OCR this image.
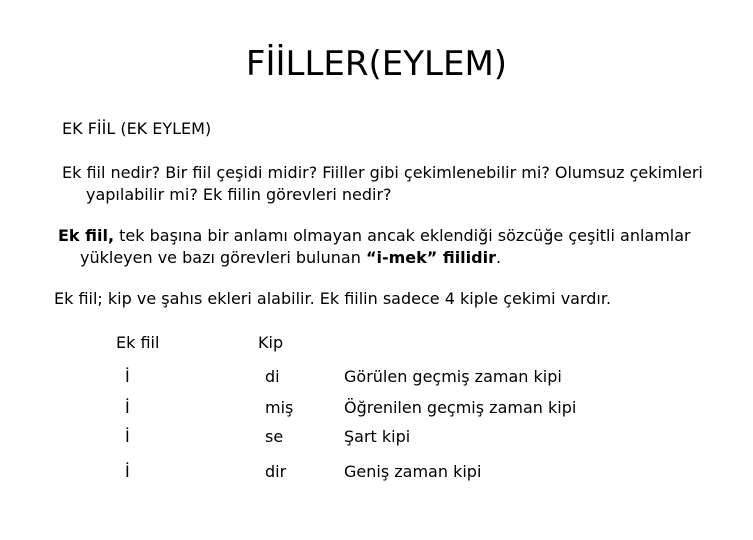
FİİLLER(EYLEM)
EK FİİL (EK EYLEM)
Ek fiil nedir? Bir fiil çeşidi midir? Fiiller gibi çekimlenebilir mi? Olumsuz çekimleri
yapılabilir mi? Ek fiilin görevleri nedir?
Ek fiil, tek başına bir anlamı olmayan ancak eklendiği sözcüğe çeşitli anlamlar
yükleyen ve bazı görevleri bulunan “i-mek” fiilidir.
Ek fiil; kip ve şahıs ekleri alabilir. Ek fiilin sadece 4 kiple çekimi vardır.
Ek fiil	Kip
İ	di	Görülen geçmiş zaman kipi
İ	miş	Öğrenilen geçmiş zaman kipi
İ	se	Şart kipi
İ	dir	Geniş zaman kipi
